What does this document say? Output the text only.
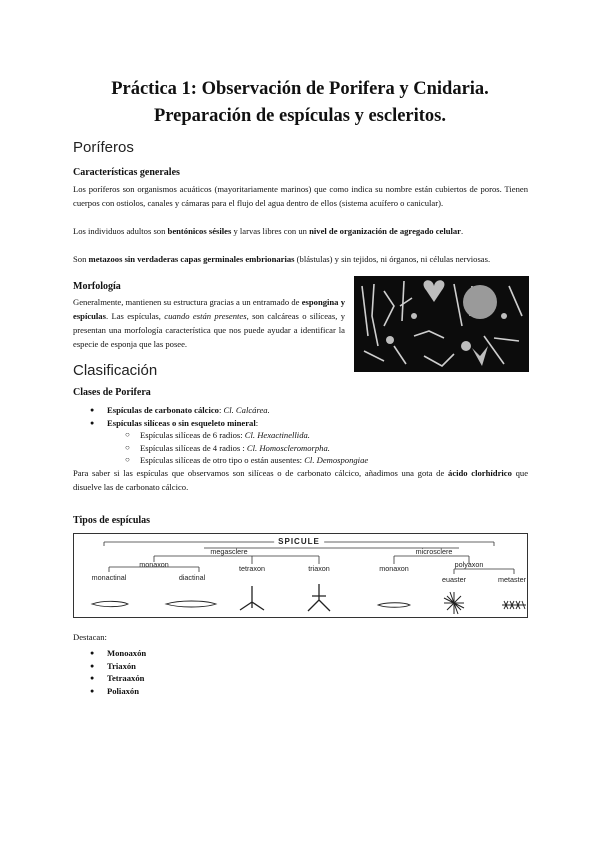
Práctica 1: Observación de Porifera y Cnidaria.
Preparación de espículas y escleritos.
Poríferos
Características generales

Los poríferos son organismos acuáticos (mayoritariamente marinos) que como indica su nombre están cubiertos de poros. Tienen cuerpos con ostiolos, canales y cámaras para el flujo del agua dentro de ellos (sistema acuífero o canicular).

Los individuos adultos son bentónicos sésiles y larvas libres con un nivel de organización de agregado celular.

Son metazoos sin verdaderas capas germinales embrionarias (blástulas) y sin tejidos, ni órganos, ni células nerviosas.

Morfología

Generalmente, mantienen su estructura gracias a un entramado de espongina y espículas. Las espículas, cuando están presentes, son calcáreas o silíceas, y presentan una morfología característica que nos puede ayudar a identificar la especie de esponja que las posee.

Clasificación
Clases de Porifera
● Espículas de carbonato cálcico: Cl. Calcárea.
● Espículas silíceas o sin esqueleto mineral:
○ Espículas silíceas de 6 radios: Cl. Hexactinellida.
○ Espículas silíceas de 4 radios : Cl. Homoscleromorpha.
○ Espículas silíceas de otro tipo o están ausentes: Cl. Demospongiae

Para saber si las espículas que observamos son silíceas o de carbonato cálcico, añadimos una gota de ácido clorhídrico que disuelve las de carbonato cálcico.

Tipos de espículas
SPICULE
megasclere	microsclere
monaxon
monactinal	diactinal
tetraxon	triaxon	monaxon	polyaxon
euaster	metaster

Destacan:

● Monoaxón
● Triaxón
● Tetraaxón
● Poliaxón
